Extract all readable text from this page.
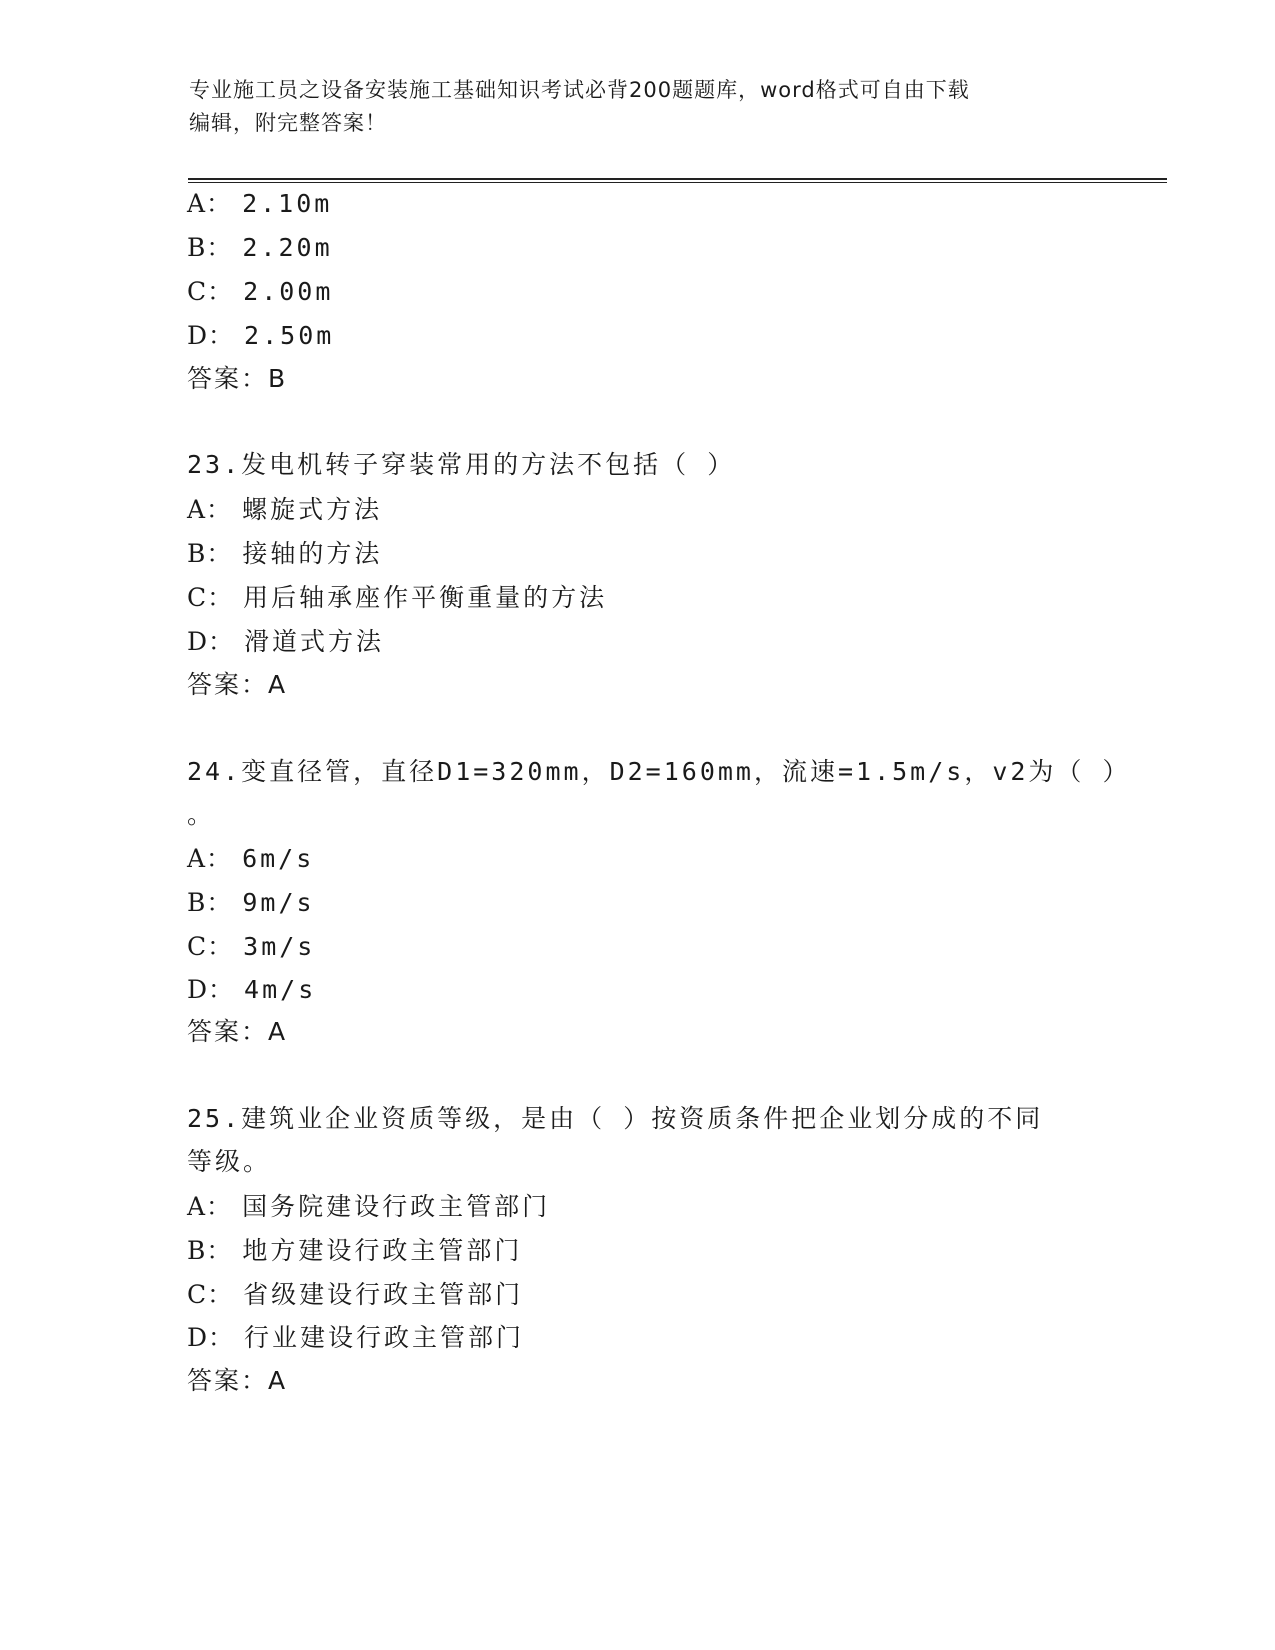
专业施工员之设备安装施工基础知识考试必背200题题库，word格式可自由下载
编辑，附完整答案！
A： 2.10m
B： 2.20m
C： 2.00m
D： 2.50m
答案：B
23.发电机转子穿装常用的方法不包括（ ）
A： 螺旋式方法
B： 接轴的方法
C： 用后轴承座作平衡重量的方法
D： 滑道式方法
答案：A
24.变直径管，直径D1=320mm，D2=160mm，流速=1.5m/s，v2为（ ）
。
A： 6m/s
B： 9m/s
C： 3m/s
D： 4m/s
答案：A
25.建筑业企业资质等级，是由（ ）按资质条件把企业划分成的不同
等级。
A： 国务院建设行政主管部门
B： 地方建设行政主管部门
C： 省级建设行政主管部门
D： 行业建设行政主管部门
答案：A
